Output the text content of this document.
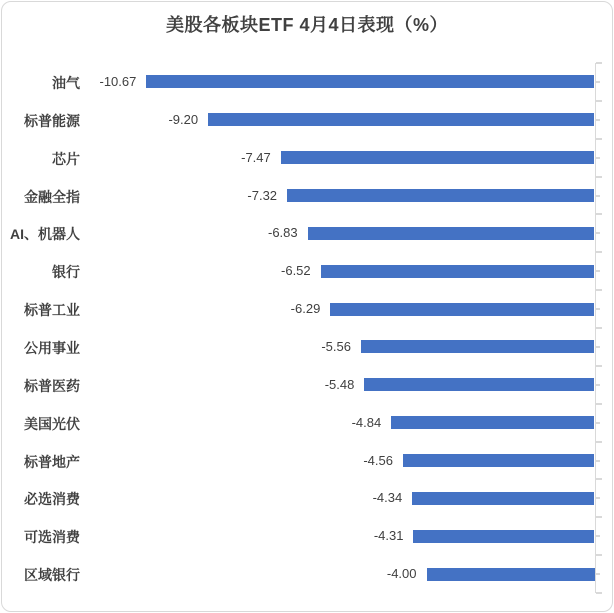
美股各板块ETF 4月4日表现（%）
油气	-10.67
标普能源	-9.20
芯片	-7.47
金融全指	-7.32
AI、机器人	-6.83
银行	-6.52
标普工业	-6.29
公用事业	-5.56
标普医药	-5.48
美国光伏	-4.84
标普地产	-4.56
必选消费	-4.34
可选消费	-4.31
区域银行	-4.00
